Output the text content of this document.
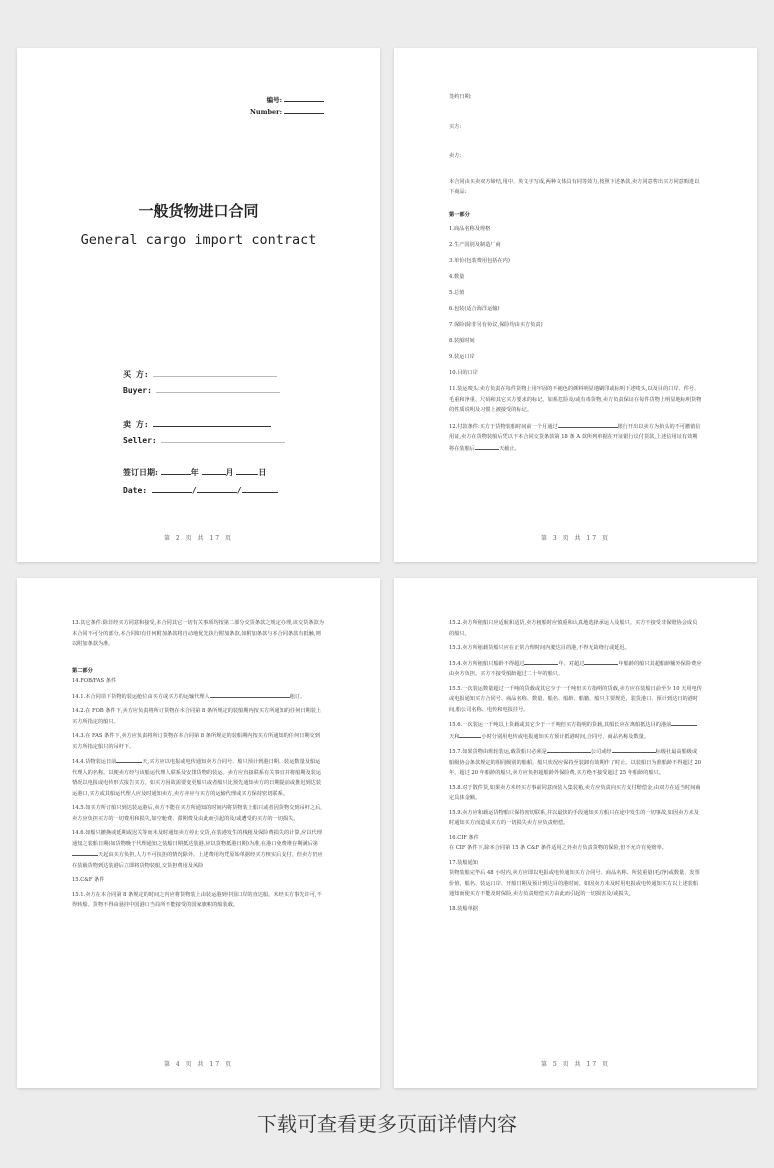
编号:
Number:
一般货物进口合同
General cargo import contract
买 方:
Buyer:
卖 方:
Seller:
签订日期:	年	月	日
Date:	/	/
第 2 页 共 17 页

签约日期:

买方:

卖方:

本合同由买卖双方缔结,用中、英文字写成,两种文体具有同等效力,按照下述条款,卖方同意售出买方同意购进以下商品:

第一部分

1.商品名称及规格

2.生产国别及制造厂商

3.单价(包装费用包括在内)

4.数量

5.总值

6.包装(适合海洋运输)

7.保险(除非另有协议,保险均由买方负责)

8.装船时间

9.装运口岸

10.目的口岸

11.装运唛头:卖方负责在每件货物上用牢固的不褪色的颜料明显地刷印或标明下述唛头,以及目的口岸、件号、毛重和净重、尺码和其它买方要求的标记。如系危险及/或有毒货物,卖方负责保证在每件货物上明显地标明货物的性质说明及习惯上被接受的标记。

12.付款条件:买方于货物装船时间前一个月通过	银行开出以卖方为抬头的不可撤销信用证,卖方在货物装船后凭以下本合同交货条款第 18 条 A 款所列单据在开证银行议付货款,上述信用证有效期将在装船后	天截止。

第 3 页 共 17 页

13.其它条件:除非经买方同意和接受,本合同其它一切有关事项均按第二部分交货条款之规定办理,该交货条款为本合同不可分的部分,本合同如有任何附加条款将自动地优先执行附加条款,如附加条款与本合同条款有抵触,则以附加条款为准。

第二部分

14.FOB/FAS 条件

14.1.本合同项下货物的装运舱位由买方或买方的运输代理人	租订。

14.2.在 FOB 条件下,卖方应负责将所订货物在本合同第 8 条所规定的装船期内按买方所通知的任何日期装上买方所指定的船只。

14.3.在 FAS 条件下,卖方应负责将所订货物在本合同第 8 条所规定的装船期内按买方所通知的任何日期交到买方所指定船只的吊杆下。

14.4.货物装运日前	天,买方应以电报或电传通知卖方合同号、船只预计到港日期、装运数量及船运代理人的名称。以便卖方经与该船运代理人联系及安排货物的装运。卖方应直接联系有关事宜并将船期及装运情况以电报或电传形式报告买方。如买方因故需要变更船只或者船只比预先通知卖方的日期提前或推迟到达装运港口,买方或其船运代理人应及时通知卖方,卖方亦应与买方的运输代理或买方保持密切联系。

14.5.如买方所订船只到达装运港后,卖方不能在买方所通知的时间内将货物装上船只或者因货物交到吊杆之后,卖方应负担买方的一切费用和损失,如空舱费、滞期费及由此而引起的及/或遭受的买方的一切损失。

14.6.如船只撤换或延期或迟关等而未及时通知卖方停止交货,在装港发生的栈租及保险费损失的计算,应以代理通知之装船日期(如货物晚于代理通知之装船日期抵达装港,应以货物抵港日期)为准,在港口免费堆存期满后第天起由买方负担,人力不可抗拒的情况除外。上述费用均凭原始单据经买方核实后支付。但卖方仍应在装载货物到达装港后立即将货物装船,交货担费用及风险

15.C&F 条件

15.1.卖方在本合同第 8 条规定的时间之内应将货物装上由装运港到中国口岸的直达船。未经买方事先许可,不得转船。货物不得由悬挂中国港口当局所不能接受的国家旗帜的船装载。

第 4 页 共 17 页

15.2.卖方所租船只应适航和适货,卖方租船时应慎重和认真地选择承运人及船只。买方不接受非保赔协会成员的船只。

15.3.卖方所租载货船只应在正常合理时间内驶达目的港,不得无故绕行或延迟。

15.4.卖方所租船只船龄不得超过	年。对超过	年船龄的船只其超船龄额外保险费应由卖方负担。买方不接受船龄超过二十年的船只。

15.5.一次装运数量超过一千吨的货载或其它少于一千吨但买方指明的货载,卖方应在装船日前至少 10 天用电传或电报通知买方合同号、商品名称、数量、船名、船龄、船籍、船只主要规范、装货港口、预计到达日的港时间,船公司名称、电传和电报挂号。

15.6.一次装运一千吨以上货载或其它少于一千吨但买方指明的货载,其船长应在离船抵达目的港前天和	小时分别用电传或电报通知买方预计抵港时间,合同号、商品名称及数量。

15.7.如果货物由班轮装运,载货船只必须是	公司或经	标级社最高船级或船级协会条款规定的相同级别的船舶。船只状况应保持至装卸有效期作了时止。以装船日为准船龄不得超过 20 年。超过 20 年船龄的船只,卖方应负担超船龄外保险费,买方绝不接受超过 25 年船龄的船只。

15.8.对于散件货,如果卖方未经买方事前同意而装入集装箱,卖方应负责向买方支付赔偿金,由双方在适当时间商定具体金额。

15.9.卖方应和载运货物船只保持密切联系,并以最快的手段通知买方船只在途中发生的一切事故,如因卖方未及时通知买方而造成买方的一切损失卖方应负责赔偿。

16.CIF 条件

在 CIF 条件下,除本合同第 15 条 C&F 条件适用之外卖方负责货物的保险,但不允许有免赔率。

17.装船通知

货物装船完毕后 48 小时内,卖方应即以电报或电传通知买方合同号、商品名称、所装重量(毛/净)或数量、发票价值、船名、装运口岸、开船日期及预计到达目的港时间。如因卖方未及时用电报或电传通知买方以上述装船通知而使买方不能及时保险,卖方负责赔偿买方由此而引起的一切损害及/或损失。

18.装船单据

第 5 页 共 17 页
下载可查看更多页面详情内容
